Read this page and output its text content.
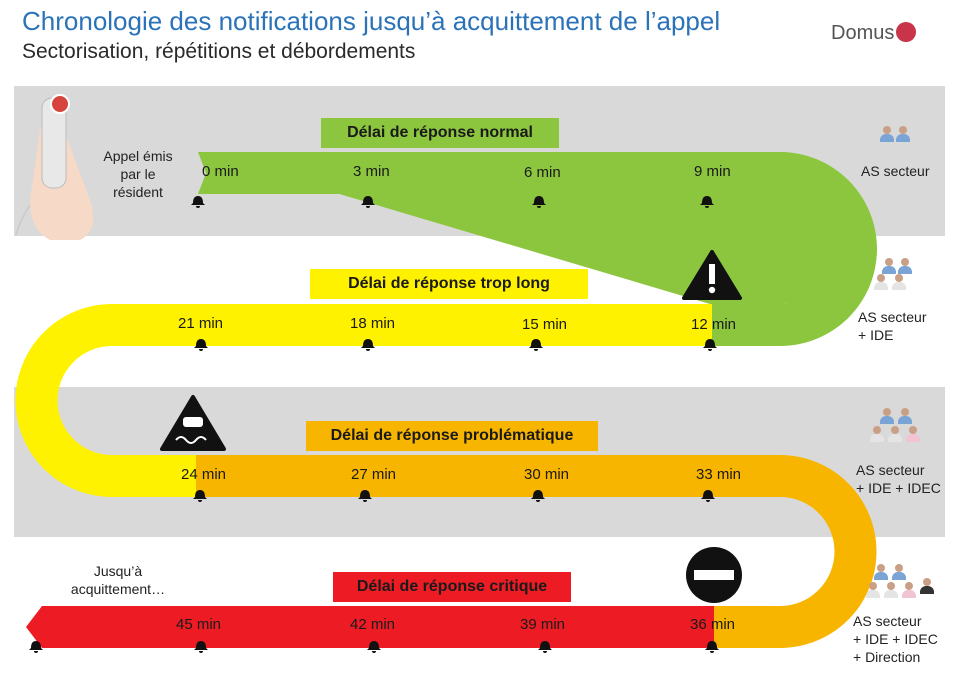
Chronologie des notifications jusqu’à acquittement de l’appel
Sectorisation, répétitions et débordements
Domus
Délai de réponse normal
Délai de réponse trop long
Délai de réponse problématique
Délai de réponse critique
0 min	3 min	6 min	9 min
21 min	18 min	15 min	12 min
24 min	27 min	30 min	33 min
45 min	42 min	39 min	36 min
Appel émis par le résident
Jusqu’à acquittement…
AS secteur
AS secteur
+ IDE
AS secteur
+ IDE + IDEC
AS secteur
+ IDE + IDEC
+ Direction
